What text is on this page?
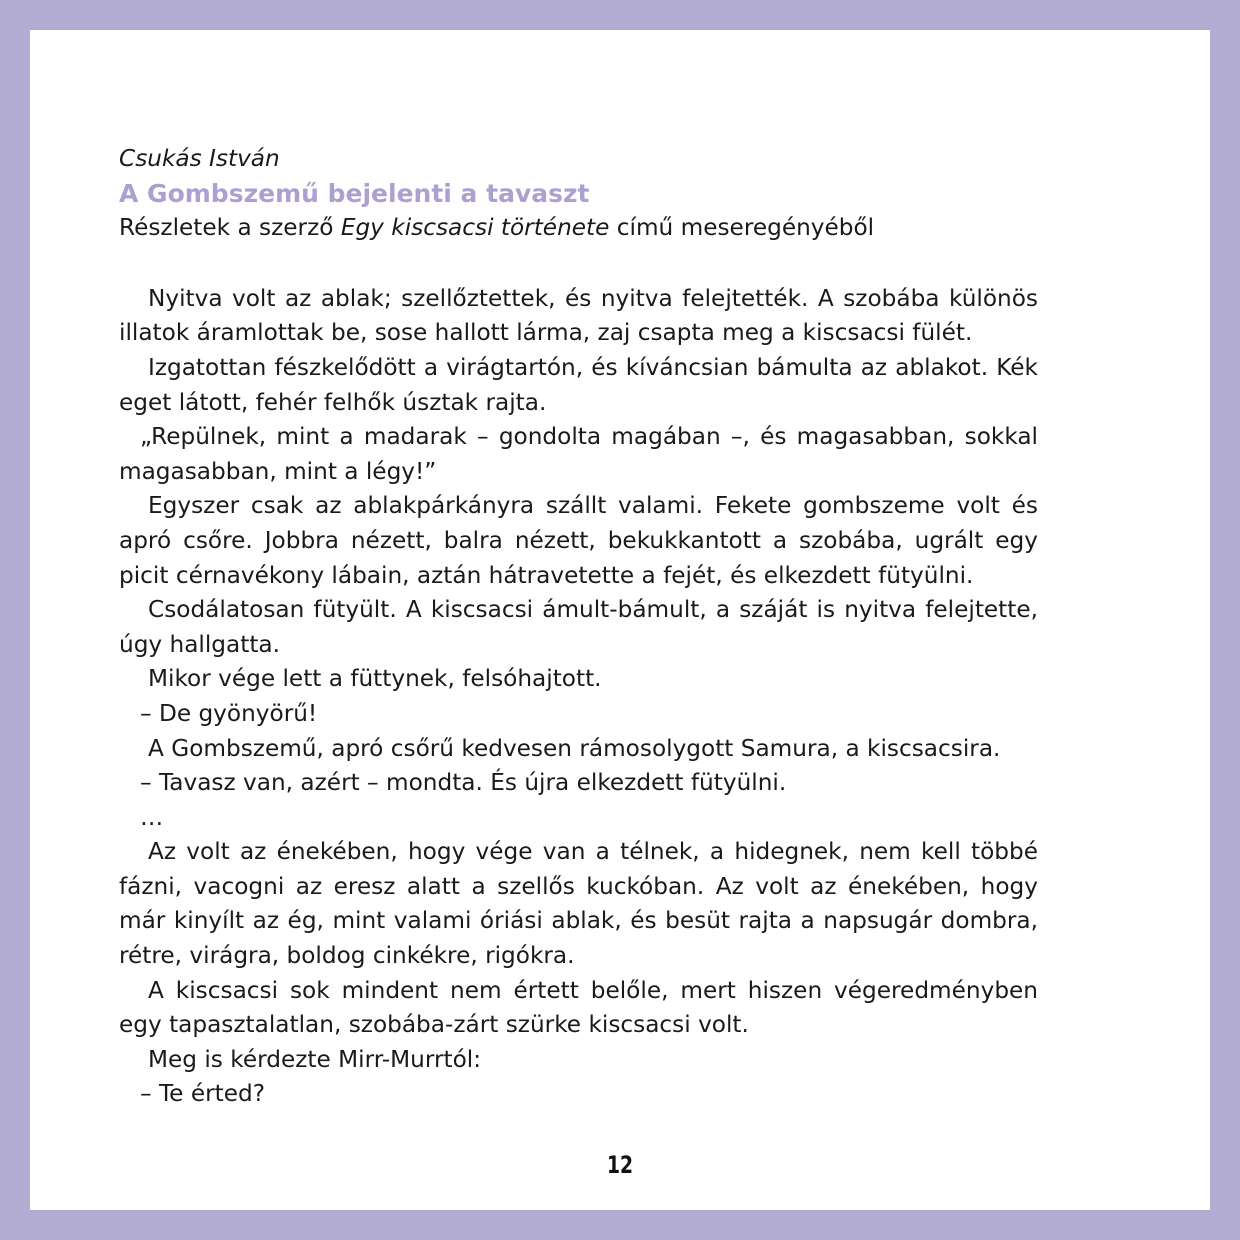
Csukás István

A Gombszemű bejelenti a tavaszt

Részletek a szerző Egy kiscsacsi története című meseregényéből

Nyitva volt az ablak; szellőztettek, és nyitva felejtették. A szobába különös illatok áramlottak be, sose hallott lárma, zaj csapta meg a kiscsacsi fülét.

Izgatottan fészkelődött a virágtartón, és kíváncsian bámulta az ablakot. Kék eget látott, fehér felhők úsztak rajta.

„Repülnek, mint a madarak – gondolta magában –, és magasabban, sokkal magasabban, mint a légy!”

Egyszer csak az ablakpárkányra szállt valami. Fekete gombszeme volt és apró csőre. Jobbra nézett, balra nézett, bekukkantott a szobába, ugrált egy picit cérnavékony lábain, aztán hátravetette a fejét, és elkezdett fütyülni.

Csodálatosan fütyült. A kiscsacsi ámult-bámult, a száját is nyitva felejtette, úgy hallgatta.

Mikor vége lett a füttynek, felsóhajtott.

– De gyönyörű!

A Gombszemű, apró csőrű kedvesen rámosolygott Samura, a kiscsacsira.

– Tavasz van, azért – mondta. És újra elkezdett fütyülni.

…

Az volt az énekében, hogy vége van a télnek, a hidegnek, nem kell többé fázni, vacogni az eresz alatt a szellős kuckóban. Az volt az énekében, hogy már kinyílt az ég, mint valami óriási ablak, és besüt rajta a napsugár dombra, rétre, virágra, boldog cinkékre, rigókra.

A kiscsacsi sok mindent nem értett belőle, mert hiszen végeredményben egy tapasztalatlan, szobába-zárt szürke kiscsacsi volt.

Meg is kérdezte Mirr-Murrtól:

– Te érted?

12
